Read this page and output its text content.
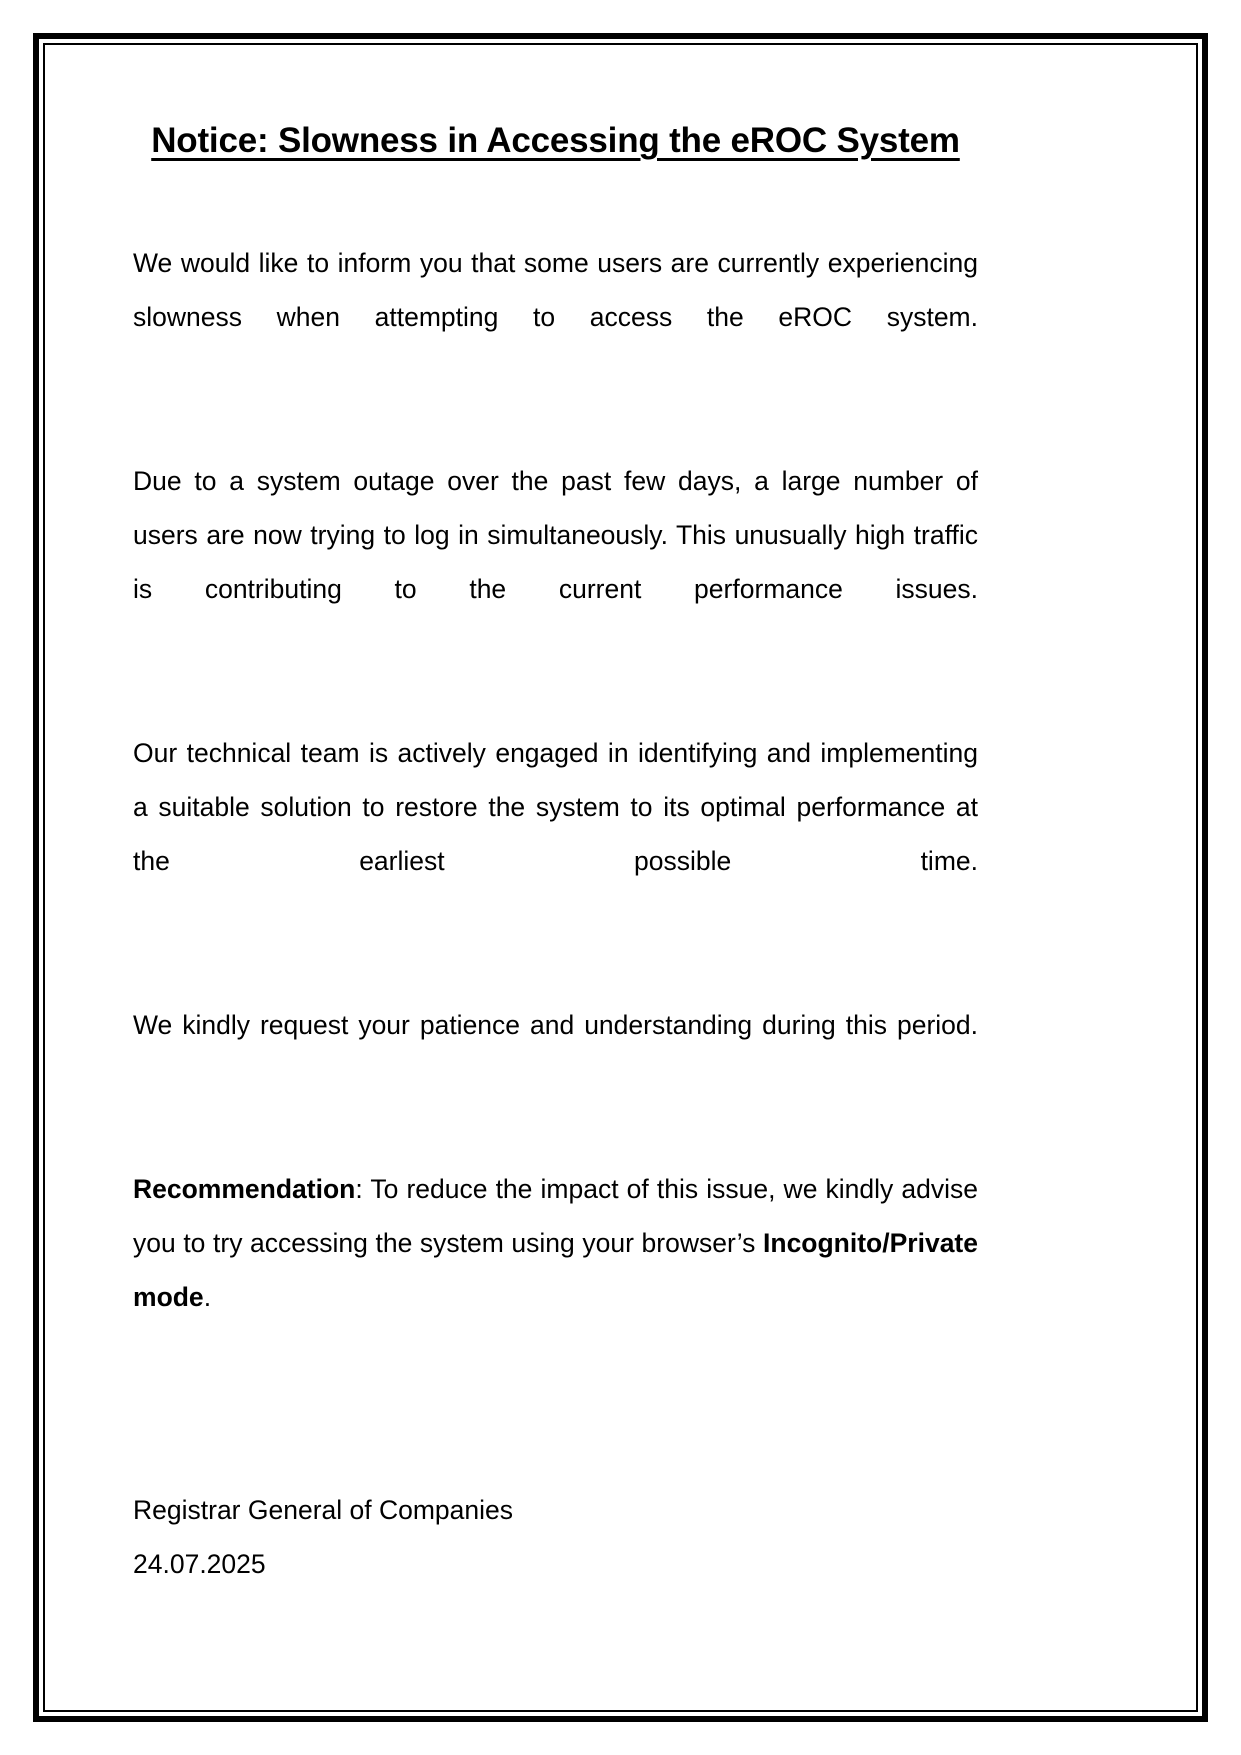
Notice: Slowness in Accessing the eROC System

We would like to inform you that some users are currently experiencing slowness when attempting to access the eROC system.

Due to a system outage over the past few days, a large number of users are now trying to log in simultaneously. This unusually high traffic is contributing to the current performance issues.

Our technical team is actively engaged in identifying and implementing a suitable solution to restore the system to its optimal performance at the earliest possible time.

We kindly request your patience and understanding during this period.

Recommendation: To reduce the impact of this issue, we kindly advise you to try accessing the system using your browser’s Incognito/Private mode.

Registrar General of Companies
24.07.2025
